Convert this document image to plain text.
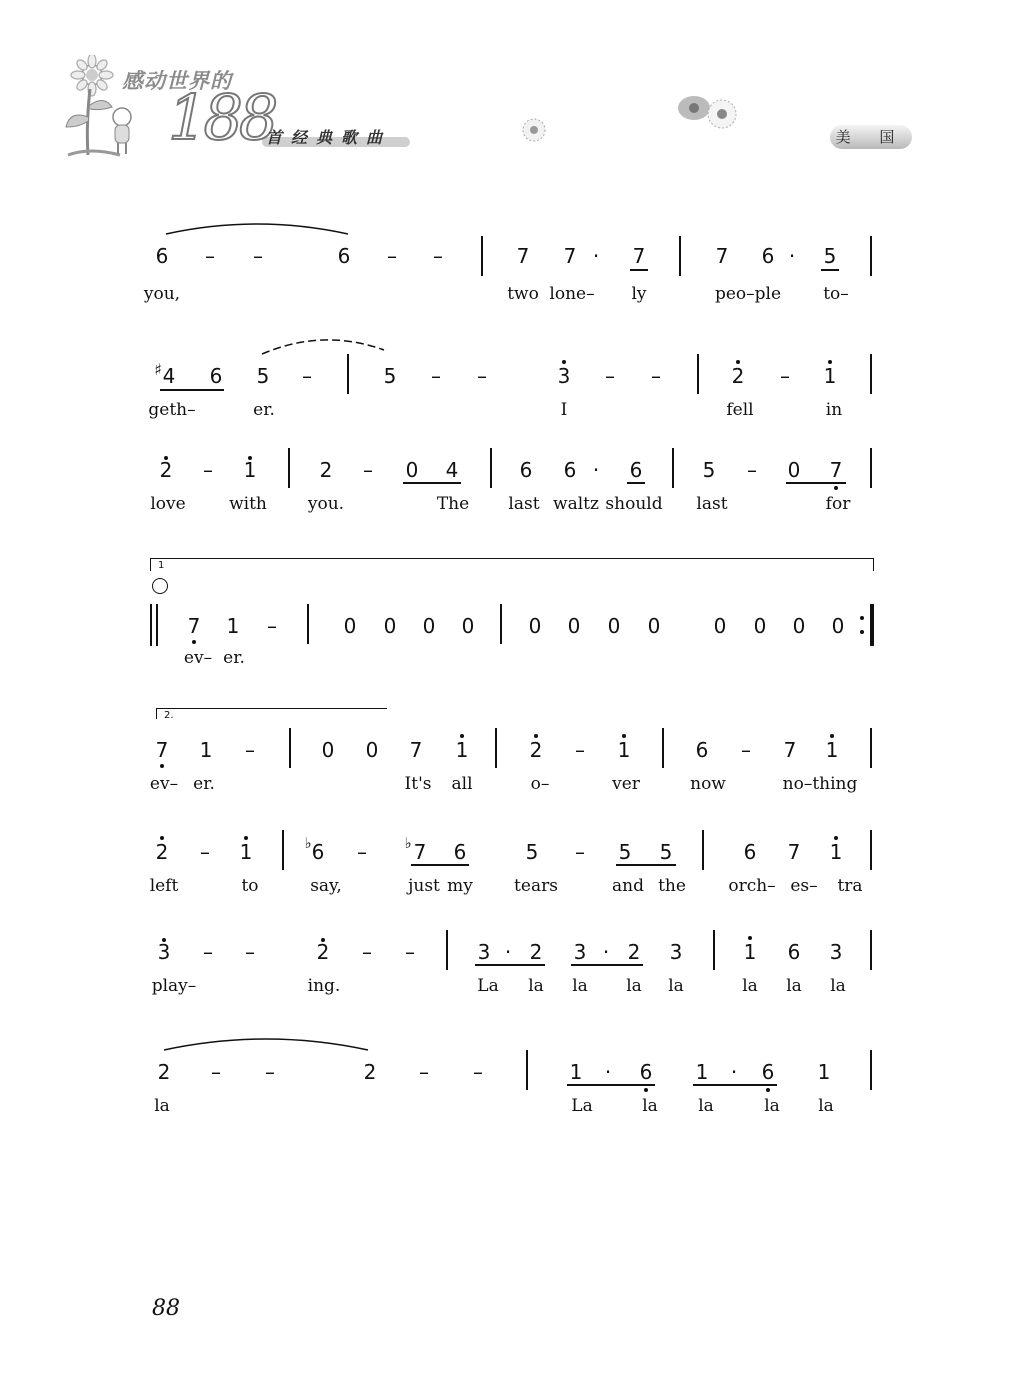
感动世界的
188
首经典歌曲	美 国
6 – –	6 – –	7 7 · 7	7 6 · 5
you,	two lone– ly	peo–ple to–
♯ 4 6 5 –	5 – –	3 – –	2 – 1
geth–	er.	I	fell	in
2 – 1	2 – 0 4	6 6 · 6	5 – 0 7
love	with you.	The last waltz should last	for
1
7 1 –	0 0 0 0	0 0 0 0	0 0 0 0
ev– er.
2.
7 1 –	0 0 7 1	2 – 1	6 – 7 1
ev– er.	It's all	o–	ver	now	no–thing
2 – 1	♭ 6 – ♭ 7 6	5 – 5 5	6 7 1
left	to	say,	just my tears	and the orch– es– tra
3 – –	2 – –	3 · 2 3 · 2 3	1 6 3
play–	ing.	La la la la la	la la la
2 – –	2 – –	1 · 6 1 · 6 1
la	La	la la	la la
88
